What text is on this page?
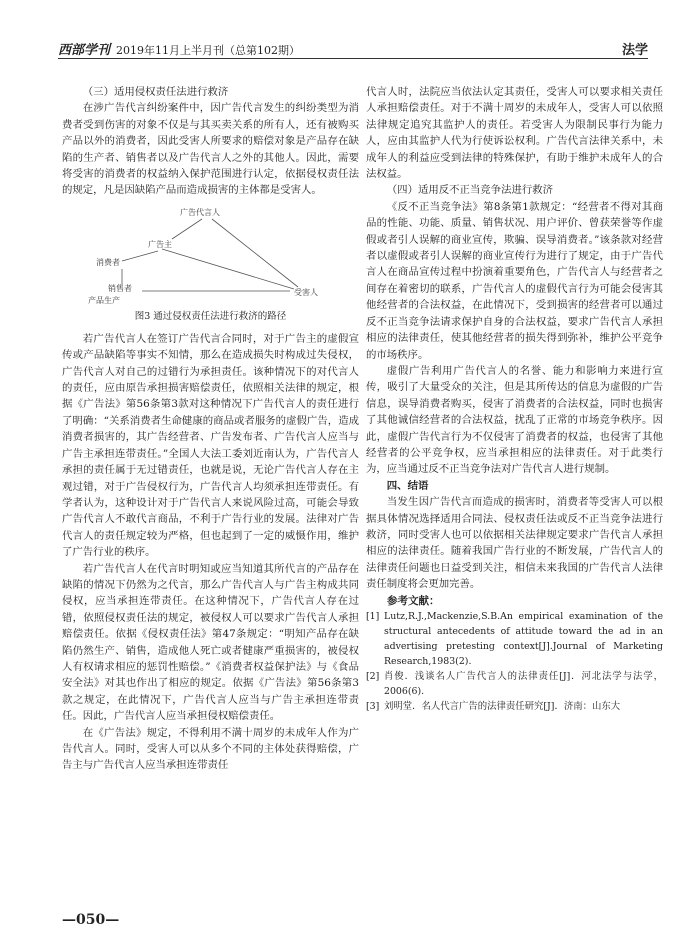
西部学刊 2019年11月上半月刊（总第102期）	法学

（三）适用侵权责任法进行救济

在涉广告代言纠纷案件中，因广告代言发生的纠纷类型为消费者受到伤害的对象不仅是与其买卖关系的所有人，还有被购买产品以外的消费者，因此受害人所要求的赔偿对象是产品存在缺陷的生产者、销售者以及广告代言人之外的其他人。因此，需要将受害的消费者的权益纳入保护范围进行认定，依据侵权责任法的规定，凡是因缺陷产品而造成损害的主体都是受害人。

广告代言人
广告主
消费者
销售者
产品生产
受害人
图3 通过侵权责任法进行救济的路径

若广告代言人在签订广告代言合同时，对于广告主的虚假宣传或产品缺陷等事实不知情，那么在造成损失时构成过失侵权，广告代言人对自己的过错行为承担责任。该种情况下的对代言人的责任，应由原告承担损害赔偿责任，依照相关法律的规定，根据《广告法》第56条第3款对这种情况下广告代言人的责任进行了明确：“关系消费者生命健康的商品或者服务的虚假广告，造成消费者损害的，其广告经营者、广告发布者、广告代言人应当与广告主承担连带责任。”全国人大法工委刘近南认为，广告代言人承担的责任属于无过错责任，也就是说，无论广告代言人存在主观过错，对于广告侵权行为，广告代言人均须承担连带责任。有学者认为，这种设计对于广告代言人来说风险过高，可能会导致广告代言人不敢代言商品，不利于广告行业的发展。法律对广告代言人的责任规定较为严格，但也起到了一定的威慑作用，维护了广告行业的秩序。

若广告代言人在代言时明知或应当知道其所代言的产品存在缺陷的情况下仍然为之代言，那么广告代言人与广告主构成共同侵权，应当承担连带责任。在这种情况下，广告代言人存在过错，依照侵权责任法的规定，被侵权人可以要求广告代言人承担赔偿责任。依据《侵权责任法》第47条规定：“明知产品存在缺陷仍然生产、销售，造成他人死亡或者健康严重损害的，被侵权人有权请求相应的惩罚性赔偿。”《消费者权益保护法》与《食品安全法》对其也作出了相应的规定。依据《广告法》第56条第3款之规定，在此情况下，广告代言人应当与广告主承担连带责任。因此，广告代言人应当承担侵权赔偿责任。

在《广告法》规定，不得利用不满十周岁的未成年人作为广告代言人。同时，受害人可以从多个不同的主体处获得赔偿，广告主与广告代言人应当承担连带责任

代言人时，法院应当依法认定其责任，受害人可以要求相关责任人承担赔偿责任。对于不满十周岁的未成年人，受害人可以依照法律规定追究其监护人的责任。若受害人为限制民事行为能力人，应由其监护人代为行使诉讼权利。广告代言法律关系中，未成年人的利益应受到法律的特殊保护，有助于维护未成年人的合法权益。

（四）适用反不正当竞争法进行救济

《反不正当竞争法》第8条第1款规定：“经营者不得对其商品的性能、功能、质量、销售状况、用户评价、曾获荣誉等作虚假或者引人误解的商业宣传，欺骗、误导消费者。”该条款对经营者以虚假或者引人误解的商业宣传行为进行了规定，由于广告代言人在商品宣传过程中扮演着重要角色，广告代言人与经营者之间存在着密切的联系，广告代言人的虚假代言行为可能会侵害其他经营者的合法权益，在此情况下，受到损害的经营者可以通过反不正当竞争法请求保护自身的合法权益，要求广告代言人承担相应的法律责任，使其他经营者的损失得到弥补，维护公平竞争的市场秩序。

虚假广告利用广告代言人的名誉、能力和影响力来进行宣传，吸引了大量受众的关注，但是其所传达的信息为虚假的广告信息，误导消费者购买，侵害了消费者的合法权益，同时也损害了其他诚信经营者的合法权益，扰乱了正常的市场竞争秩序。因此，虚假广告代言行为不仅侵害了消费者的权益，也侵害了其他经营者的公平竞争权，应当承担相应的法律责任。对于此类行为，应当通过反不正当竞争法对广告代言人进行规制。

四、结语

当发生因广告代言而造成的损害时，消费者等受害人可以根据具体情况选择适用合同法、侵权责任法或反不正当竞争法进行救济，同时受害人也可以依据相关法律规定要求广告代言人承担相应的法律责任。随着我国广告行业的不断发展，广告代言人的法律责任问题也日益受到关注，相信未来我国的广告代言人法律责任制度将会更加完善。

参考文献：

[1] Lutz,R.J.,Mackenzie,S.B.An empirical examination of the structural antecedents of attitude toward the ad in an advertising pretesting context[J].Journal of Marketing Research,1983(2).
[2] 肖俊．浅谈名人广告代言人的法律责任[J]．河北法学与法学，2006(6).
[3] 刘明堂．名人代言广告的法律责任研究[J]．济南：山东大
—050—
